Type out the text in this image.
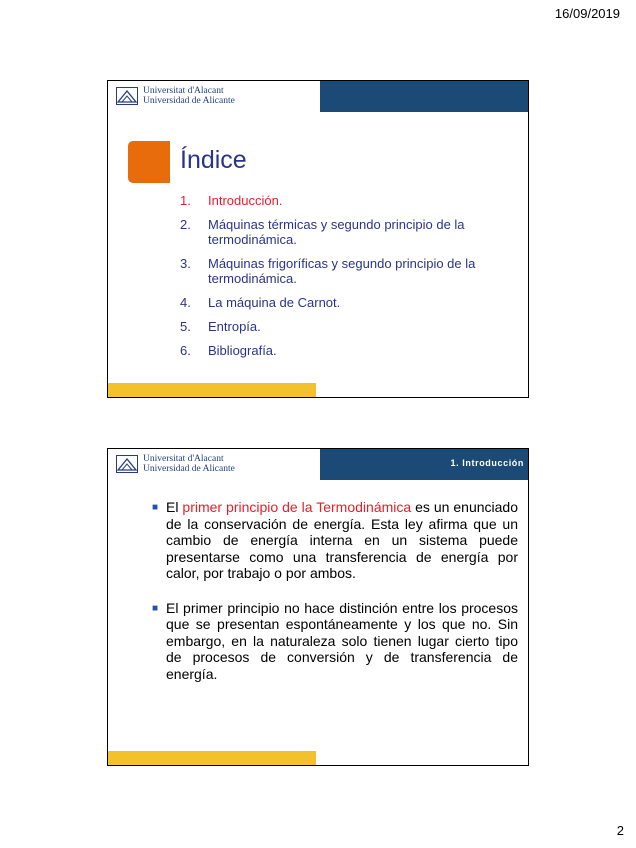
16/09/2019
Universitat d'Alacant
Universidad de Alicante
Índice
1.	Introducción.
2.	Máquinas térmicas y segundo principio de la termodinámica.
3.	Máquinas frigoríficas y segundo principio de la termodinámica.
4.	La máquina de Carnot.
5.	Entropía.
6.	Bibliografía.
Universitat d'Alacant
Universidad de Alicante
1. Introducción
■ El primer principio de la Termodinámica es un enunciado de la conservación de energía. Esta ley afirma que un cambio de energía interna en un sistema puede presentarse como una transferencia de energía por calor, por trabajo o por ambos.
■ El primer principio no hace distinción entre los procesos que se presentan espontáneamente y los que no. Sin embargo, en la naturaleza solo tienen lugar cierto tipo de procesos de conversión y de transferencia de energía.
2
